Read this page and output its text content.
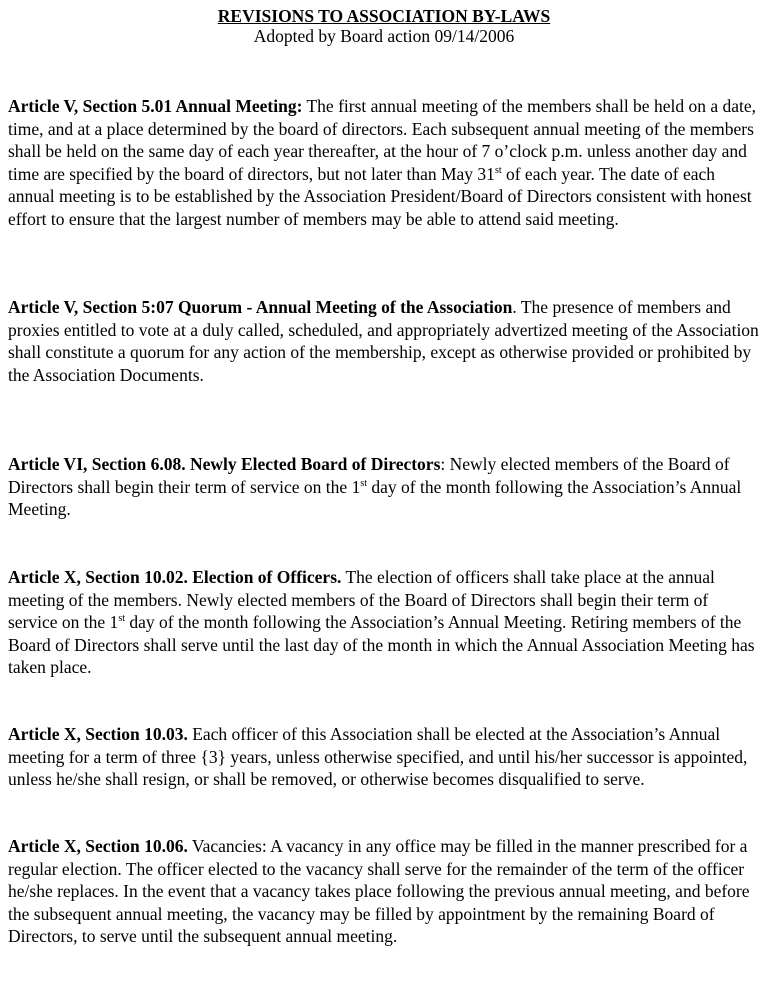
REVISIONS TO ASSOCIATION BY-LAWS

Adopted by Board action 09/14/2006

Article V, Section 5.01 Annual Meeting: The first annual meeting of the members shall be held on a date, time, and at a place determined by the board of directors. Each subsequent annual meeting of the members shall be held on the same day of each year thereafter, at the hour of 7 o’clock p.m. unless another day and time are specified by the board of directors, but not later than May 31st of each year. The date of each annual meeting is to be established by the Association President/Board of Directors consistent with honest effort to ensure that the largest number of members may be able to attend said meeting.

Article V, Section 5:07 Quorum - Annual Meeting of the Association. The presence of members and proxies entitled to vote at a duly called, scheduled, and appropriately advertized meeting of the Association shall constitute a quorum for any action of the membership, except as otherwise provided or prohibited by the Association Documents.

Article VI, Section 6.08. Newly Elected Board of Directors: Newly elected members of the Board of Directors shall begin their term of service on the 1st day of the month following the Association’s Annual Meeting.

Article X, Section 10.02. Election of Officers. The election of officers shall take place at the annual meeting of the members. Newly elected members of the Board of Directors shall begin their term of service on the 1st day of the month following the Association’s Annual Meeting. Retiring members of the Board of Directors shall serve until the last day of the month in which the Annual Association Meeting has taken place.

Article X, Section 10.03. Each officer of this Association shall be elected at the Association’s Annual meeting for a term of three {3} years, unless otherwise specified, and until his/her successor is appointed, unless he/she shall resign, or shall be removed, or otherwise becomes disqualified to serve.

Article X, Section 10.06. Vacancies: A vacancy in any office may be filled in the manner prescribed for a regular election. The officer elected to the vacancy shall serve for the remainder of the term of the officer he/she replaces. In the event that a vacancy takes place following the previous annual meeting, and before the subsequent annual meeting, the vacancy may be filled by appointment by the remaining Board of Directors, to serve until the subsequent annual meeting.
